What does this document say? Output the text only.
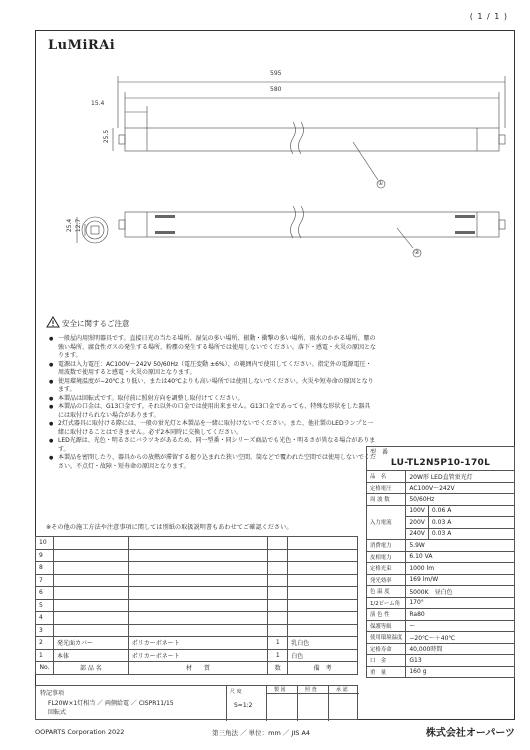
( 1 / 1 )
LuMiRAi
595
580
15.4
25.5
25.4 12.7
①
②
安全に関するご注意
● 一般屋内用照明器具です。直接日光の当たる場所、湿気の多い場所、振動・衝撃の多い場所、雨水のかかる場所、塵の強い場所、腐食性ガスの発生する場所、粉塵の発生する場所では使用しないでください。落下・感電・火災の原因となります。
● 電源は入力電圧：AC100V〜242V 50/60Hz（電圧変動 ±6%）、の範囲内で使用してください。指定外の電源電圧・周波数で使用すると感電・火災の原因となります。
● 使用環境温度が−20℃より低い、または40℃よりも高い場所では使用しないでください。火災や短寿命の原因となります。
● 本製品は回転式です。取付前に照射方向を調整し取付けてください。
● 本製品の口金は、G13口金です。それ以外の口金では使用出来ません。G13口金であっても、特殊な形状をした器具には取付けられない場合があります。
● 2灯式器具に取付ける際には、一般の蛍光灯と本製品を一緒に取付けないでください。また、他社製のLEDランプと一緒に取付けることはできません。必ず2本同時に交換してください。
● LED光源は、光色・明るさにバラツキがあるため、同一型番・同シリーズ商品でも光色・明るさが異なる場合があります。
● 本製品を密閉したり、器具からの放熱が滞留する握り込まれた狭い空間、筒などで覆われた空間では使用しないでください。不点灯・故障・短寿命の原因となります。
※その他の施工方法や注意事項に関しては別紙の取扱説明書もあわせてご確認ください。
10				
9				
8				
7				
6				
5				
4				
3				
2	発光面カバー	ポリカーボネート	1	乳白色
1	本体	ポリカーボネート	1	白色
No.	部 品 名	材　　質	数	備　考
特記事項
FL20W×1灯相当 ／ 両側給電 ／ CISPR11/15
回転式
尺 度
S=1:2
製 図	照 査	承 認
型　番		
LU-TL2N5P10-170L		
品　名	20W形 LED直管蛍光灯	
定格電圧	AC100V〜242V	
周 波 数	50/60Hz	
入力電流	100V	0.06 A
	200V	0.03 A
	240V	0.03 A
消費電力	5.9W	
皮相電力	6.10 VA	
定格光束	1000 lm	
発光効率	169 lm/W	
色 温 度	5000K　昼白色	
1/2ビーム角	170°	
演 色 性	Ra80	
保護等級	ー	
使用環境温度	−20℃〜＋40℃	
定格寿命	40,000時間	
口　金	G13	
重　量	160 g	
OOPARTS Corporation 2022	第三角法 ／ 単位：mm ／ JIS A4	株式会社オーパーツ
